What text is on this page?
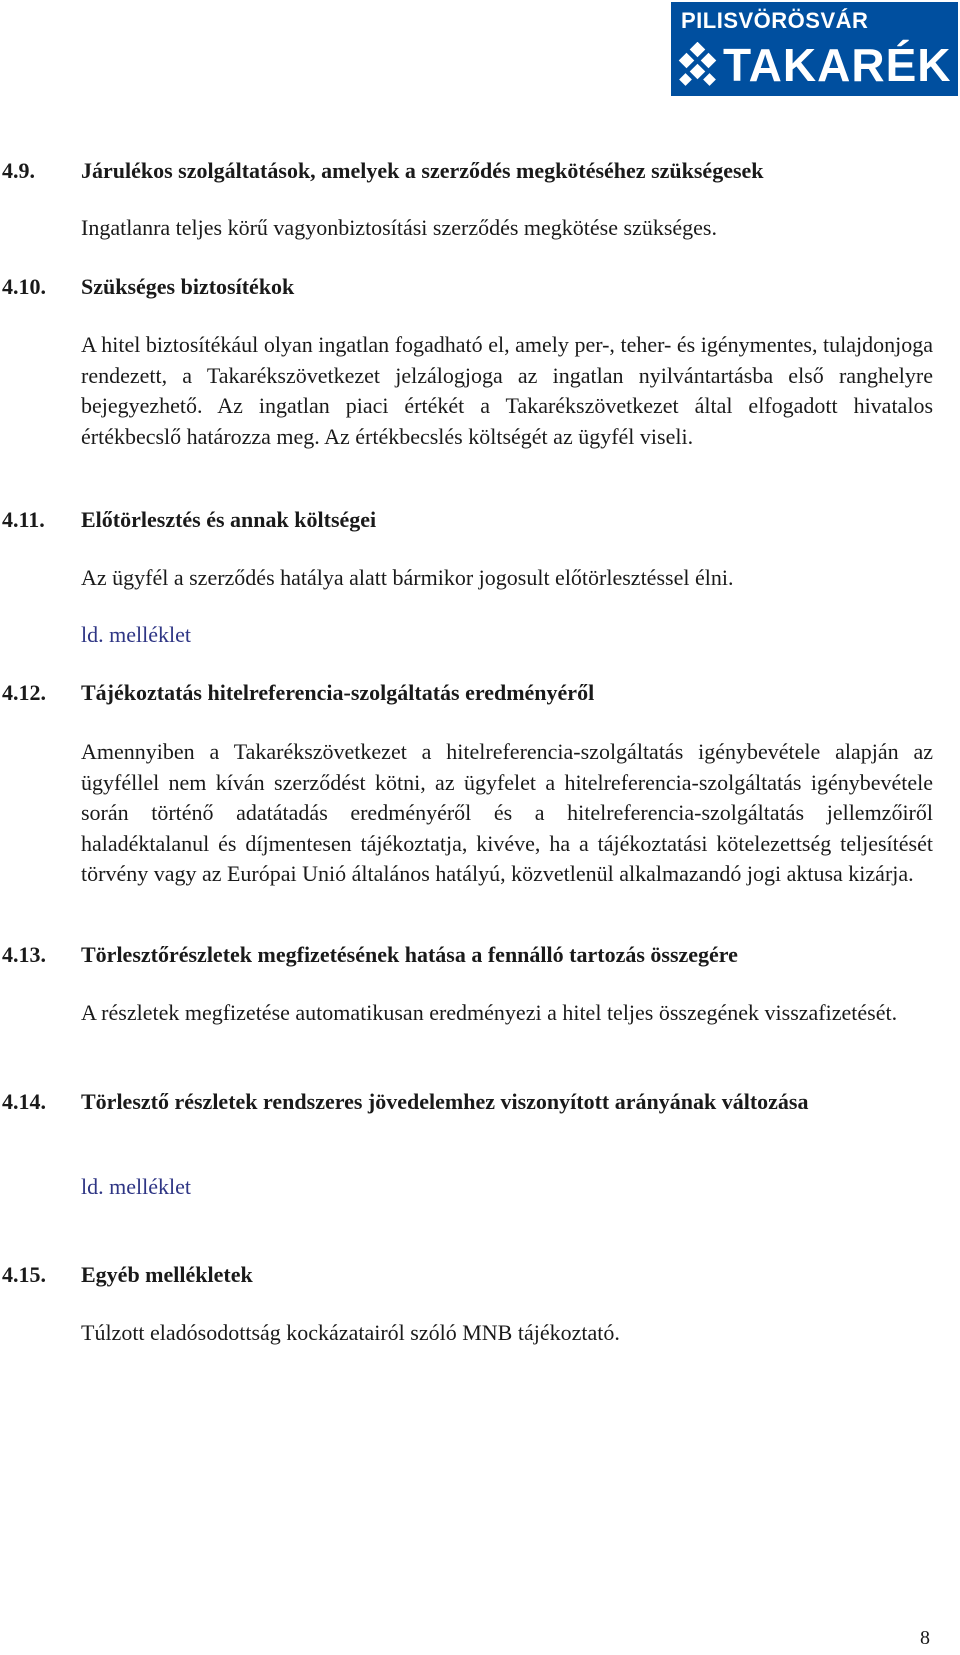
PILISVÖRÖSVÁR
TAKARÉK
4.9. Járulékos szolgáltatások, amelyek a szerződés megkötéséhez szükségesek
Ingatlanra teljes körű vagyonbiztosítási szerződés megkötése szükséges.
4.10. Szükséges biztosítékok
A hitel biztosítékául olyan ingatlan fogadható el, amely per-, teher- és igénymentes, tulajdonjoga rendezett, a Takarékszövetkezet jelzálogjoga az ingatlan nyilvántartásba első ranghelyre bejegyezhető. Az ingatlan piaci értékét a Takarékszövetkezet által elfogadott hivatalos értékbecslő határozza meg. Az értékbecslés költségét az ügyfél viseli.
4.11. Előtörlesztés és annak költségei
Az ügyfél a szerződés hatálya alatt bármikor jogosult előtörlesztéssel élni.
ld. melléklet
4.12. Tájékoztatás hitelreferencia-szolgáltatás eredményéről
Amennyiben a Takarékszövetkezet a hitelreferencia-szolgáltatás igénybevétele alapján az ügyféllel nem kíván szerződést kötni, az ügyfelet a hitelreferencia-szolgáltatás igénybevétele során történő adatátadás eredményéről és a hitelreferencia-szolgáltatás jellemzőiről haladéktalanul és díjmentesen tájékoztatja, kivéve, ha a tájékoztatási kötelezettség teljesítését törvény vagy az Európai Unió általános hatályú, közvetlenül alkalmazandó jogi aktusa kizárja.
4.13. Törlesztőrészletek megfizetésének hatása a fennálló tartozás összegére
A részletek megfizetése automatikusan eredményezi a hitel teljes összegének visszafizetését.
4.14. Törlesztő részletek rendszeres jövedelemhez viszonyított arányának változása
ld. melléklet
4.15. Egyéb mellékletek
Túlzott eladósodottság kockázatairól szóló MNB tájékoztató.
8
